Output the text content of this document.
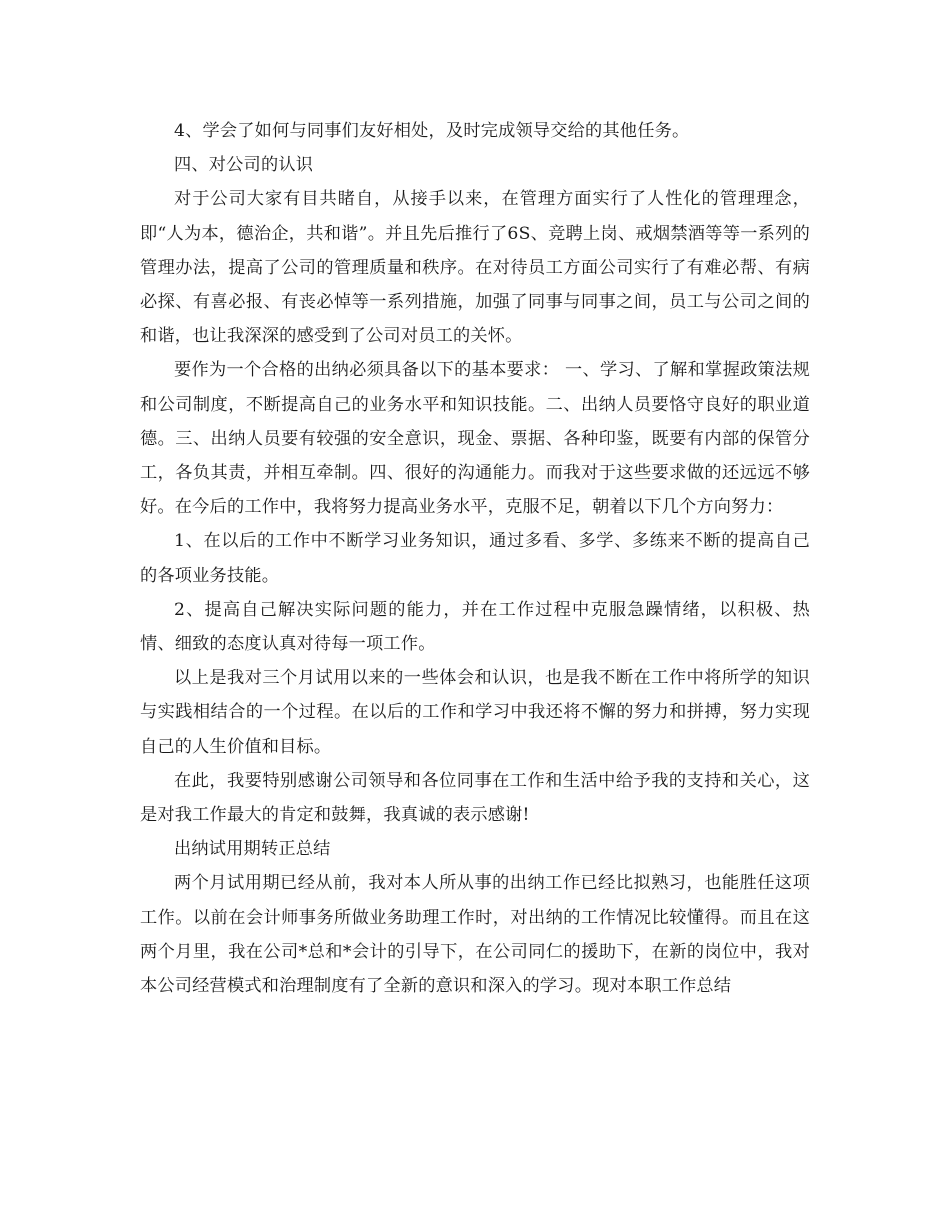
4、学会了如何与同事们友好相处，及时完成领导交给的其他任务。

四、对公司的认识

对于公司大家有目共睹自，从接手以来，在管理方面实行了人性化的管理理念，即“人为本，德治企，共和谐”。并且先后推行了6S、竞聘上岗、戒烟禁酒等等一系列的管理办法，提高了公司的管理质量和秩序。在对待员工方面公司实行了有难必帮、有病必探、有喜必报、有丧必悼等一系列措施，加强了同事与同事之间，员工与公司之间的和谐，也让我深深的感受到了公司对员工的关怀。

要作为一个合格的出纳必须具备以下的基本要求： 一、学习、了解和掌握政策法规和公司制度，不断提高自己的业务水平和知识技能。二、出纳人员要恪守良好的职业道德。三、出纳人员要有较强的安全意识，现金、票据、各种印鉴，既要有内部的保管分工，各负其责，并相互牵制。四、很好的沟通能力。而我对于这些要求做的还远远不够好。在今后的工作中，我将努力提高业务水平，克服不足，朝着以下几个方向努力：

1、在以后的工作中不断学习业务知识，通过多看、多学、多练来不断的提高自己的各项业务技能。

2、提高自己解决实际问题的能力，并在工作过程中克服急躁情绪，以积极、热情、细致的态度认真对待每一项工作。

以上是我对三个月试用以来的一些体会和认识，也是我不断在工作中将所学的知识与实践相结合的一个过程。在以后的工作和学习中我还将不懈的努力和拼搏，努力实现自己的人生价值和目标。

在此，我要特别感谢公司领导和各位同事在工作和生活中给予我的支持和关心，这是对我工作最大的肯定和鼓舞，我真诚的表示感谢!

出纳试用期转正总结

两个月试用期已经从前，我对本人所从事的出纳工作已经比拟熟习，也能胜任这项工作。以前在会计师事务所做业务助理工作时，对出纳的工作情况比较懂得。而且在这两个月里，我在公司*总和*会计的引导下，在公司同仁的援助下，在新的岗位中，我对本公司经营模式和治理制度有了全新的意识和深入的学习。现对本职工作总结
